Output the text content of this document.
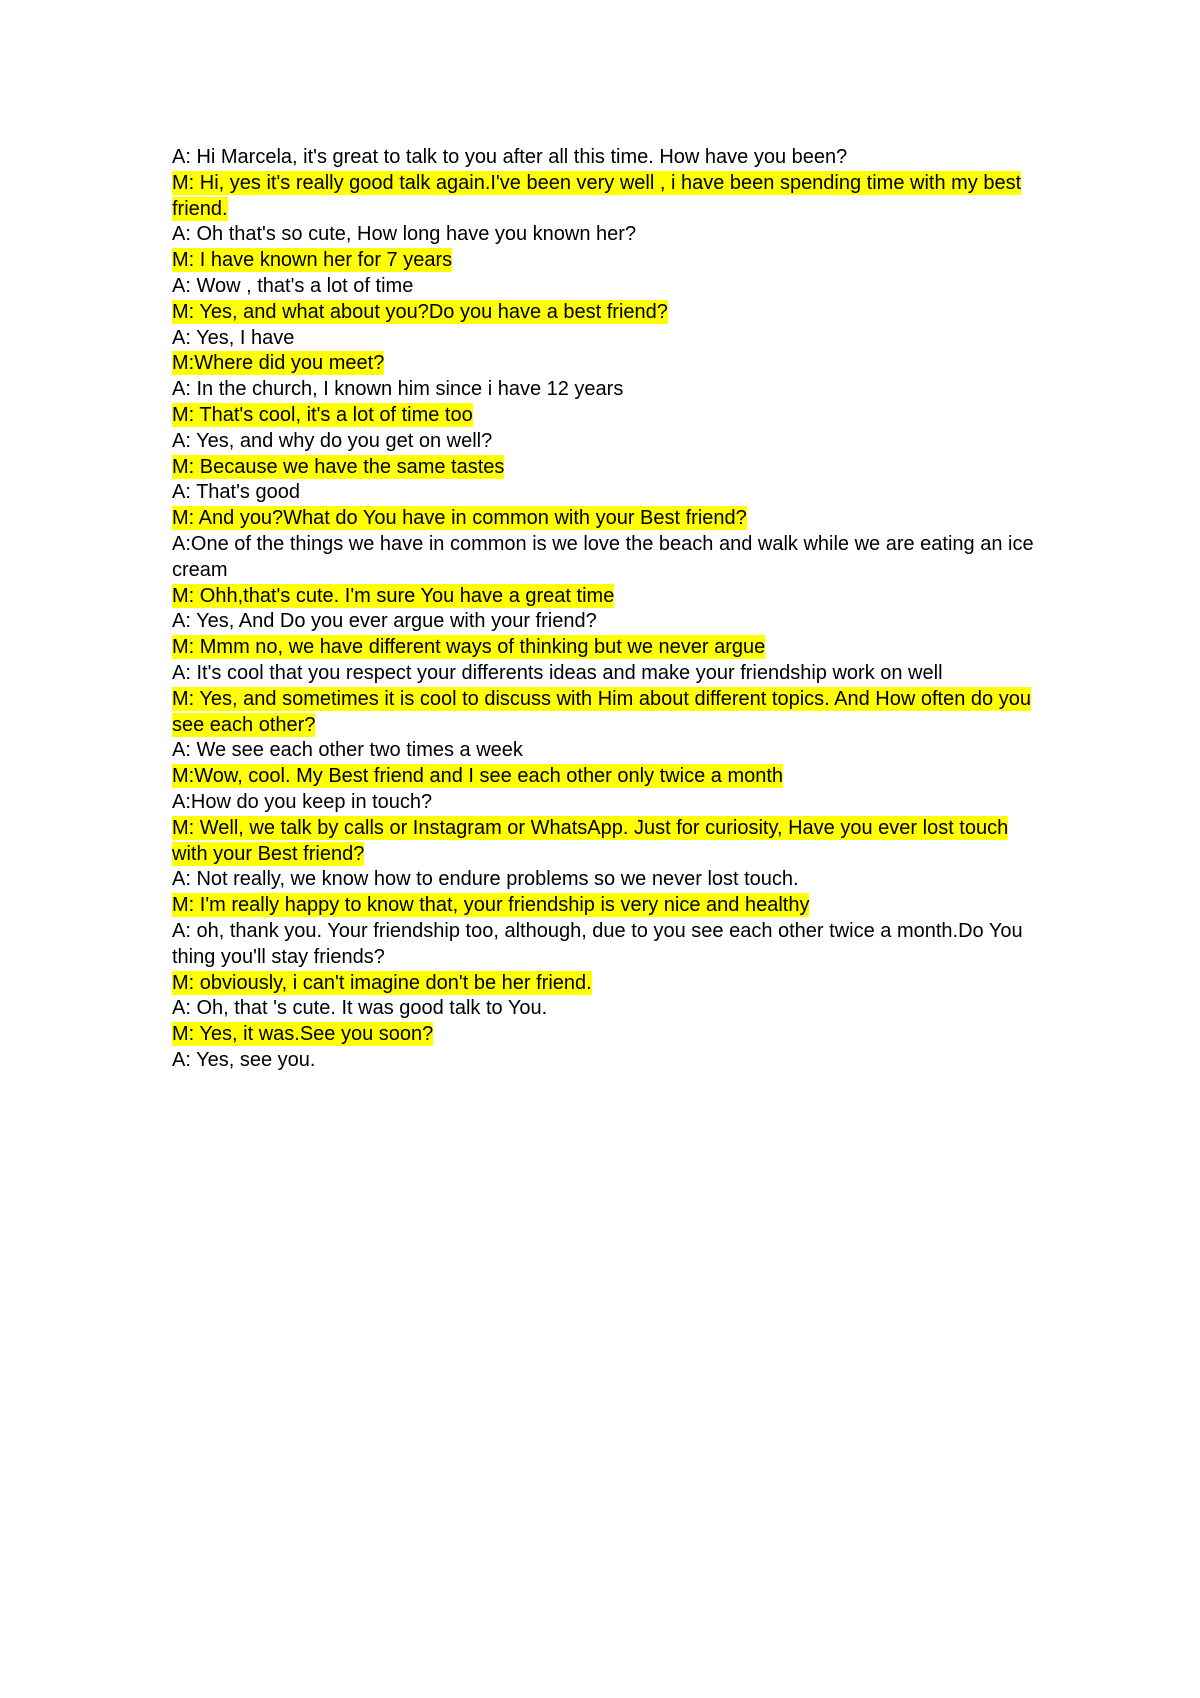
A: Hi Marcela, it's great to talk to you after all this time. How have you been?

M: Hi, yes it's really good talk again.I've been very well , i have been spending time with my best friend.

A: Oh that's so cute, How long have you known her?

M: I have known her for 7 years

A: Wow , that's a lot of time

M: Yes, and what about you?Do you have a best friend?

A: Yes, I have

M:Where did you meet?

A: In the church, I known him since i have 12 years

M: That's cool, it's a lot of time too

A: Yes, and why do you get on well?

M: Because we have the same tastes

A: That's good

M: And you?What do You have in common with your Best friend?

A:One of the things we have in common is we love the beach and walk while we are eating an ice cream

M: Ohh,that's cute. I'm sure You have a great time

A: Yes, And Do you ever argue with your friend?

M: Mmm no, we have different ways of thinking but we never argue

A: It's cool that you respect your differents ideas and make your friendship work on well

M: Yes, and sometimes it is cool to discuss with Him about different topics. And How often do you see each other?

A: We see each other two times a week

M:Wow, cool. My Best friend and I see each other only twice a month

A:How do you keep in touch?

M: Well, we talk by calls or Instagram or WhatsApp. Just for curiosity, Have you ever lost touch with your Best friend?

A: Not really, we know how to endure problems so we never lost touch.

M: I'm really happy to know that, your friendship is very nice and healthy

A: oh, thank you. Your friendship too, although, due to you see each other twice a month.Do You thing you'll stay friends?

M: obviously, i can't imagine don't be her friend.

A: Oh, that 's cute. It was good talk to You.

M: Yes, it was.See you soon?

A: Yes, see you.
